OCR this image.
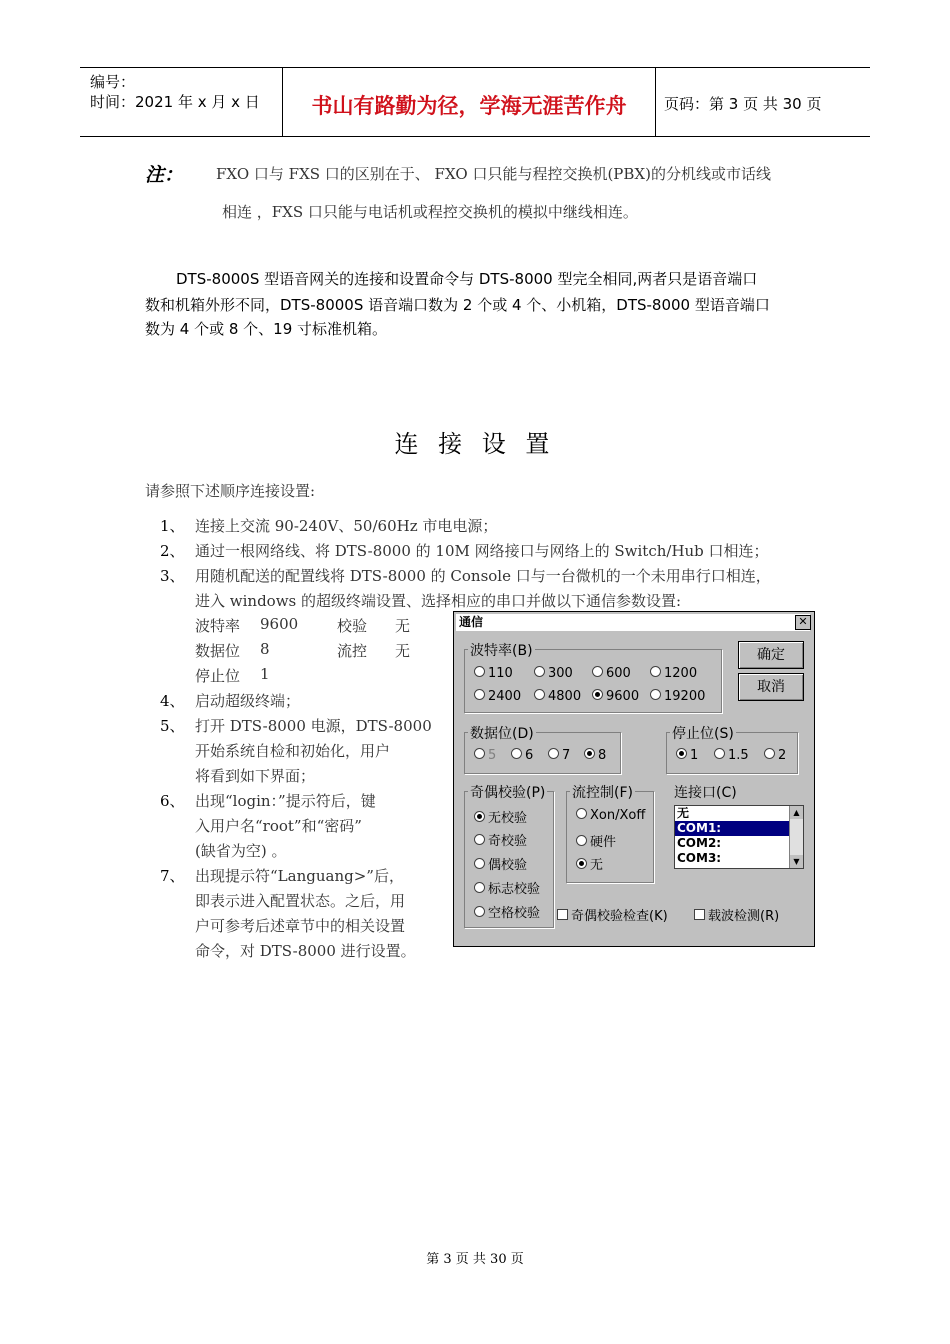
编号：
时间：2021 年 x 月 x 日	书山有路勤为径，学海无涯苦作舟	页码：第 3 页 共 30 页
注： FXO 口与 FXS 口的区别在于、 FXO 口只能与程控交换机(PBX)的分机线或市话线
相连 ，FXS 口只能与电话机或程控交换机的模拟中继线相连。
DTS-8000S 型语音网关的连接和设置命令与 DTS-8000 型完全相同,两者只是语音端口
数和机箱外形不同，DTS-8000S 语音端口数为 2 个或 4 个、小机箱，DTS-8000 型语音端口
数为 4 个或 8 个、19 寸标准机箱。
连 接 设 置
请参照下述顺序连接设置:
1、 连接上交流 90-240V、50/60Hz 市电电源；
2、 通过一根网络线、将 DTS-8000 的 10M 网络接口与网络上的 Switch/Hub 口相连；
3、 用随机配送的配置线将 DTS-8000 的 Console 口与一台微机的一个未用串行口相连，
进入 windows 的超级终端设置、选择相应的串口并做以下通信参数设置:
波特率 9600	校验 无
数据位 8	流控 无
停止位 1
4、 启动超级终端；
5、 打开 DTS-8000 电源，DTS-8000
开始系统自检和初始化，用户
将看到如下界面；
6、 出现“login：”提示符后，键
入用户名“root”和“密码”
(缺省为空) 。
7、 出现提示符“Languang>”后，
即表示进入配置状态。之后，用
户可参考后述章节中的相关设置
命令，对 DTS-8000 进行设置。
通信	✕
确定
取消
波特率(B)
110	300	600	1200
2400	4800	9600	19200
数据位(D)
5	6	7	8
停止位(S)
1	1.5	2
奇偶校验(P)
无校验
奇校验
偶校验
标志校验
空格校验
流控制(F)
Xon/Xoff
硬件
无
连接口(C)
无
COM1:
COM2:
COM3:
▲
▼
奇偶校验检查(K)	载波检测(R)
第 3 页 共 30 页
